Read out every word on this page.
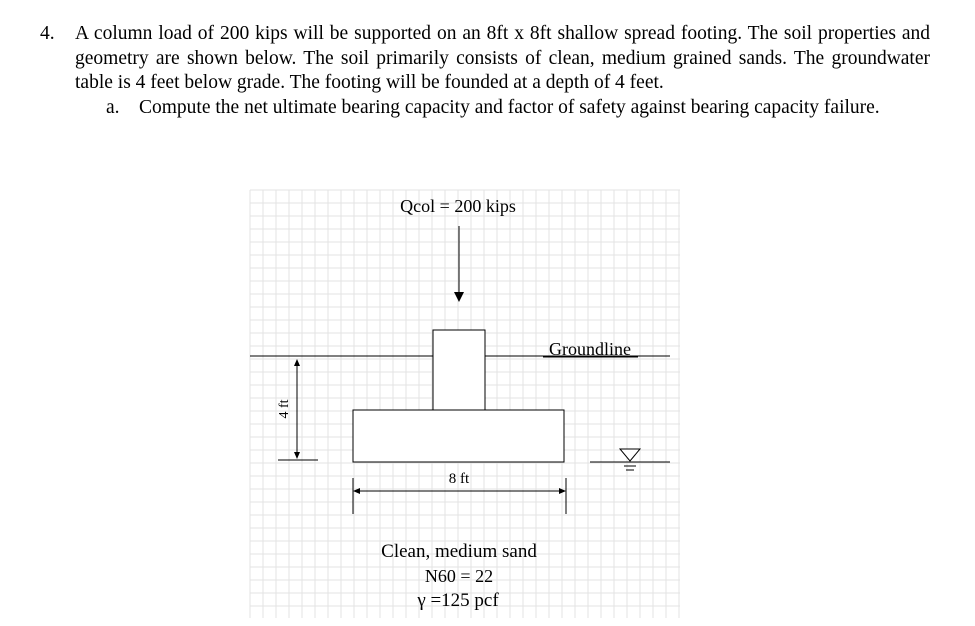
4. A column load of 200 kips will be supported on an 8ft x 8ft shallow spread footing. The soil properties and geometry are shown below. The soil primarily consists of clean, medium grained sands. The groundwater table is 4 feet below grade. The footing will be founded at a depth of 4 feet.
a. Compute the net ultimate bearing capacity and factor of safety against bearing capacity failure.
Qcol = 200 kips
Groundline
4 ft
8 ft
Clean, medium sand
N60 = 22
γ =125 pcf
